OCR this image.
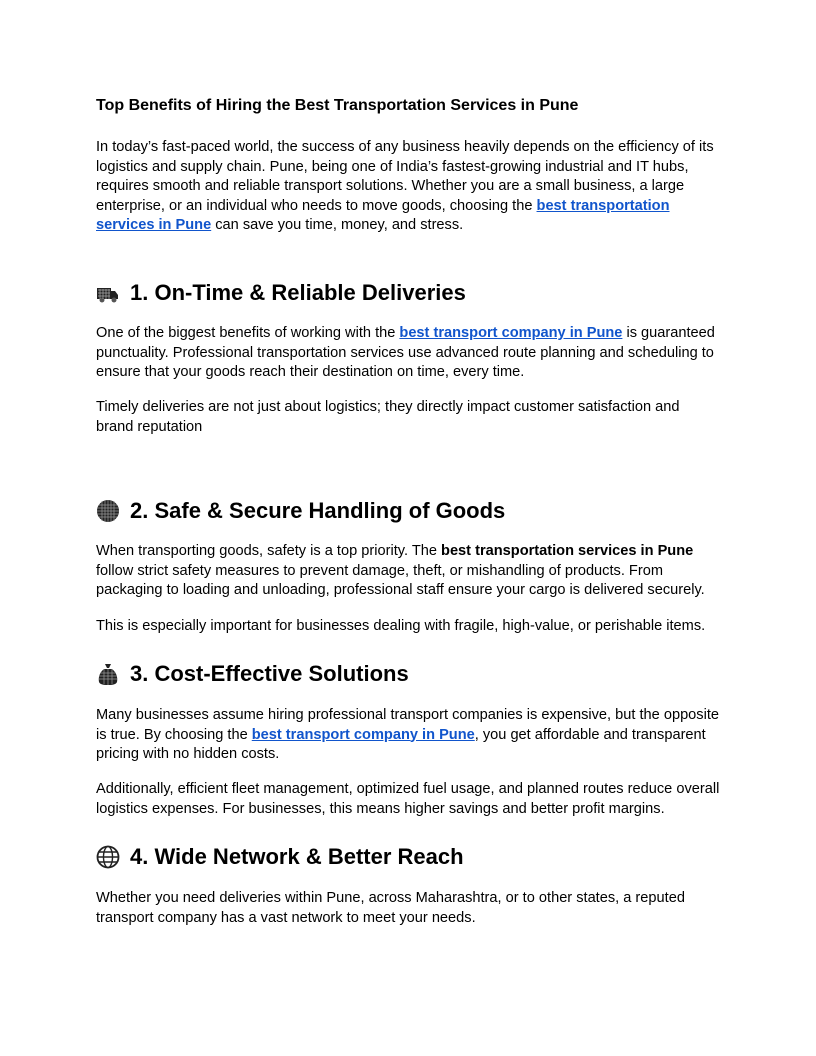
Top Benefits of Hiring the Best Transportation Services in Pune

In today’s fast-paced world, the success of any business heavily depends on the efficiency of its logistics and supply chain. Pune, being one of India’s fastest-growing industrial and IT hubs, requires smooth and reliable transport solutions. Whether you are a small business, a large enterprise, or an individual who needs to move goods, choosing the best transportation services in Pune can save you time, money, and stress.

1. On-Time & Reliable Deliveries

One of the biggest benefits of working with the best transport company in Pune is guaranteed punctuality. Professional transportation services use advanced route planning and scheduling to ensure that your goods reach their destination on time, every time.

Timely deliveries are not just about logistics; they directly impact customer satisfaction and brand reputation

2. Safe & Secure Handling of Goods

When transporting goods, safety is a top priority. The best transportation services in Pune follow strict safety measures to prevent damage, theft, or mishandling of products. From packaging to loading and unloading, professional staff ensure your cargo is delivered securely.

This is especially important for businesses dealing with fragile, high-value, or perishable items.

3. Cost-Effective Solutions

Many businesses assume hiring professional transport companies is expensive, but the opposite is true. By choosing the best transport company in Pune, you get affordable and transparent pricing with no hidden costs.

Additionally, efficient fleet management, optimized fuel usage, and planned routes reduce overall logistics expenses. For businesses, this means higher savings and better profit margins.

4. Wide Network & Better Reach

Whether you need deliveries within Pune, across Maharashtra, or to other states, a reputed transport company has a vast network to meet your needs.
